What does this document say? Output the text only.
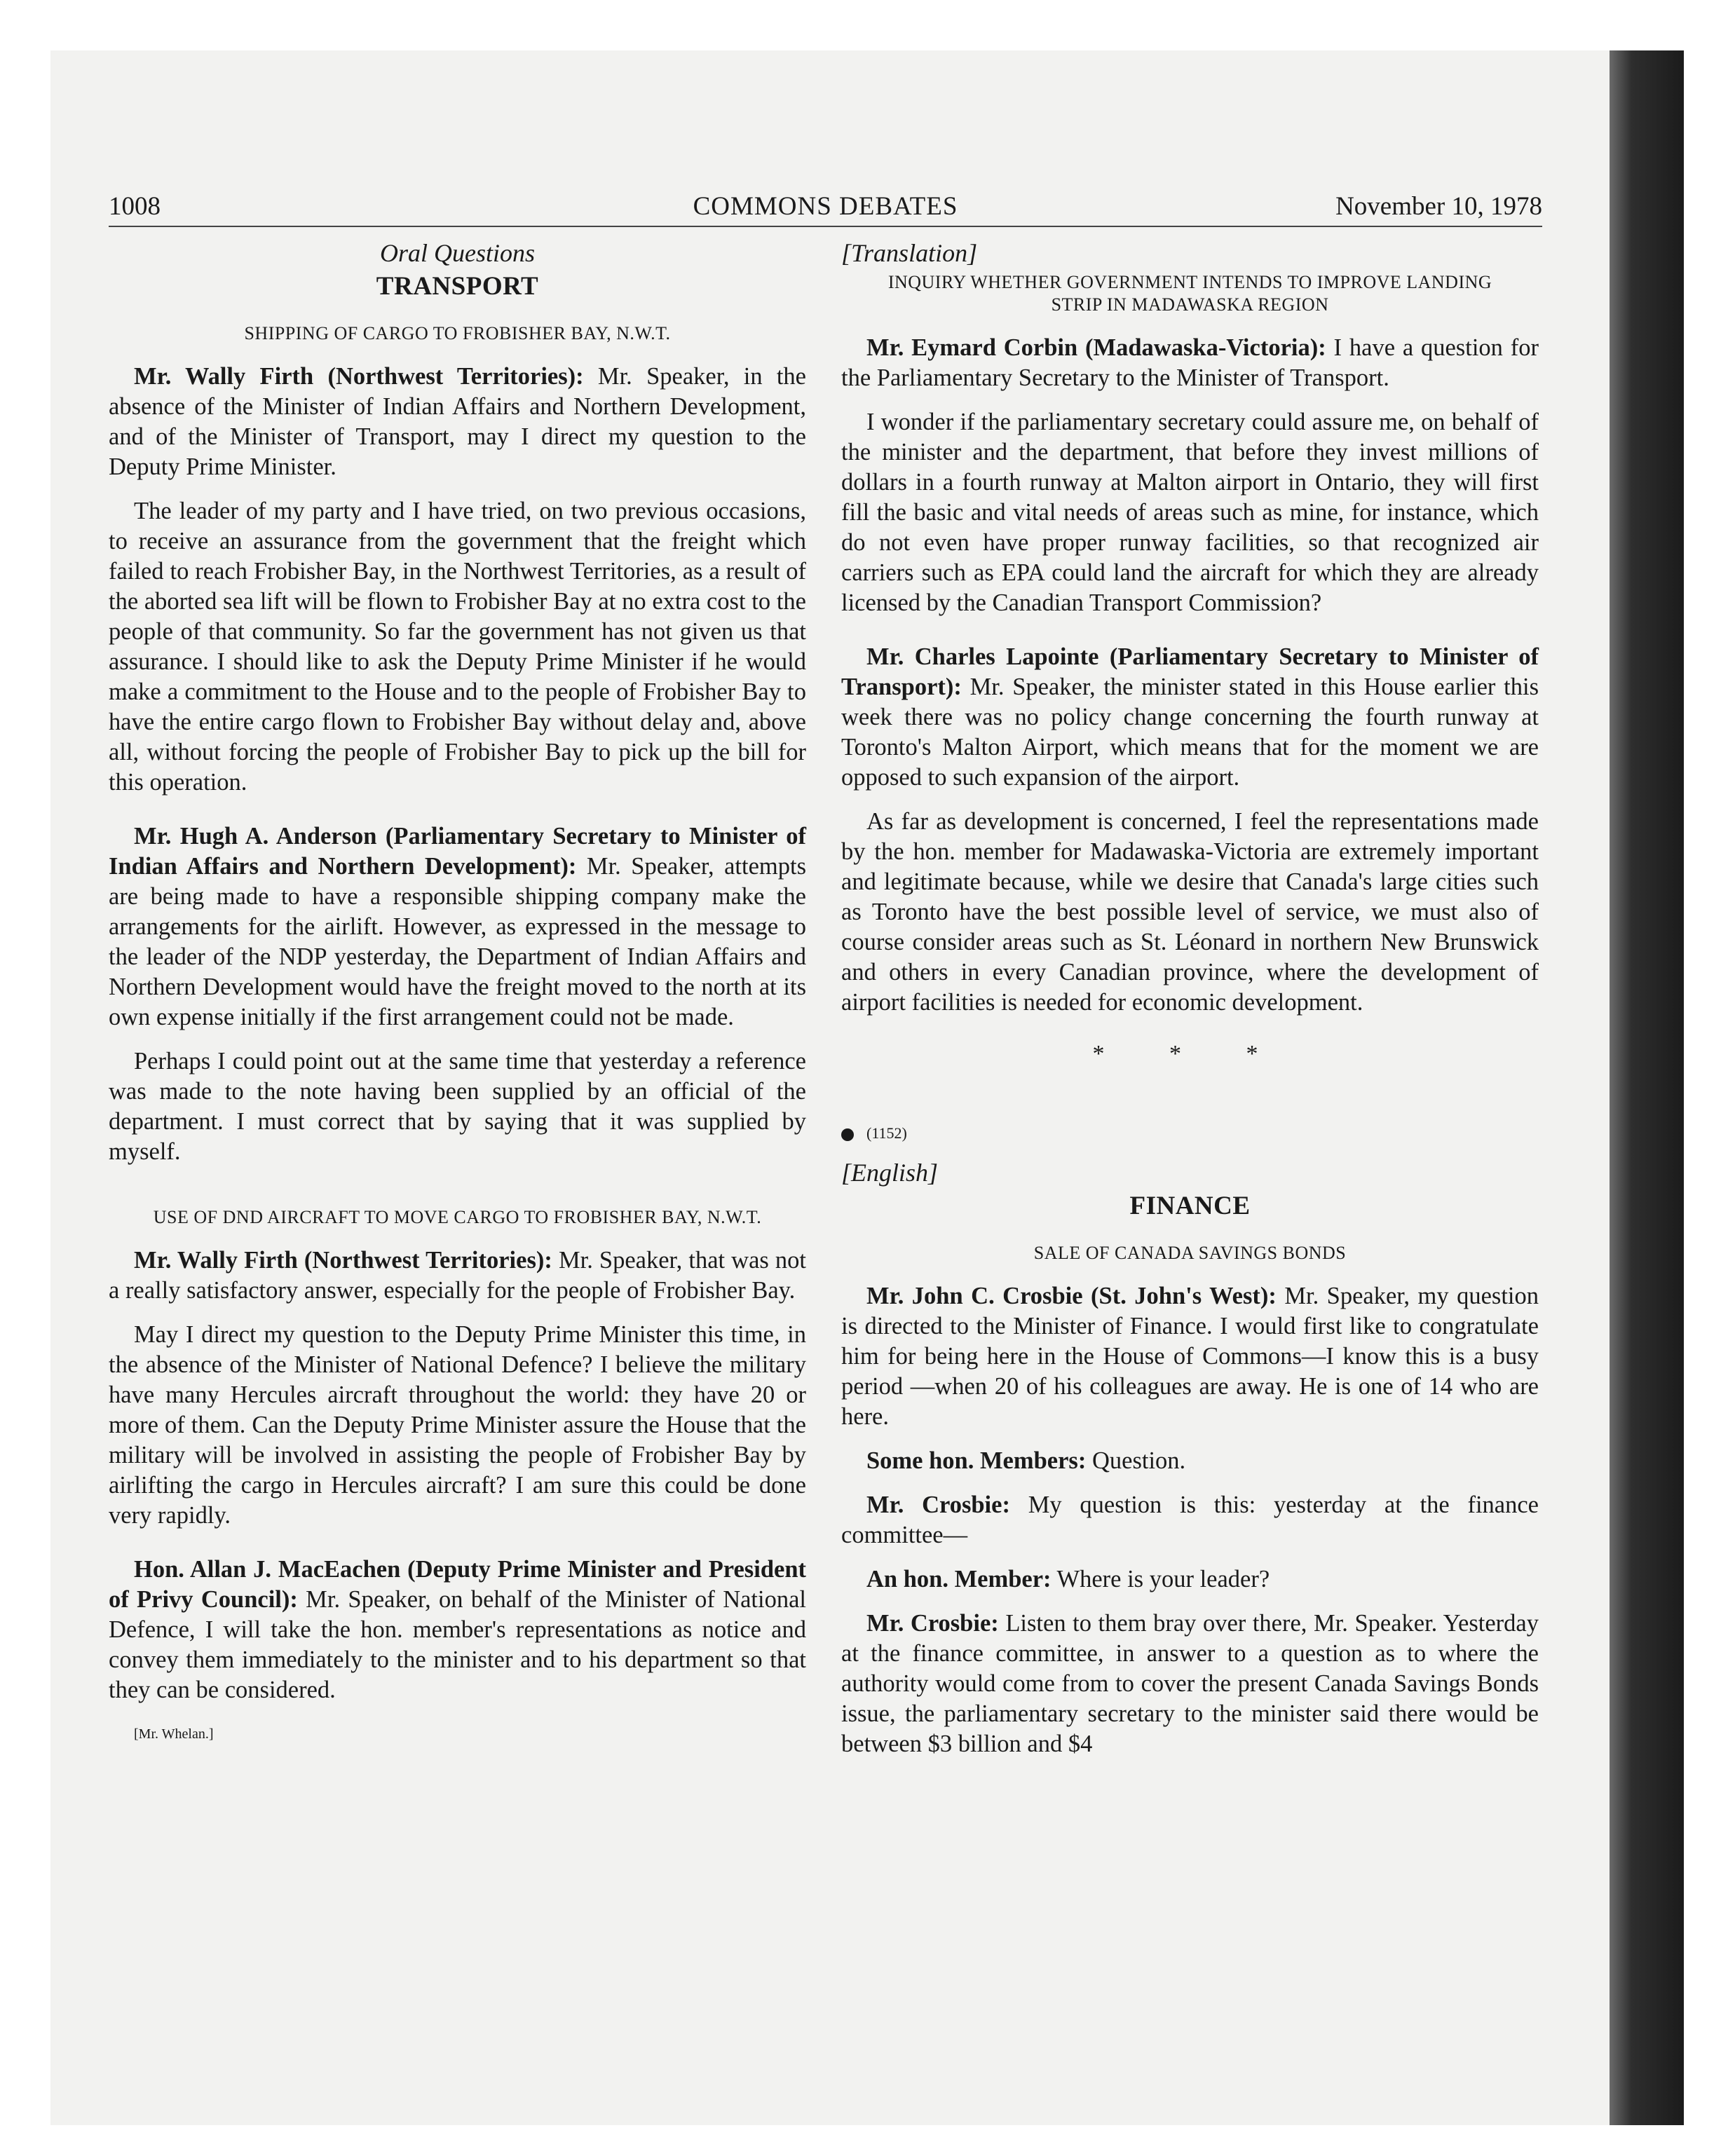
1008	COMMONS DEBATES	November 10, 1978
Oral Questions
TRANSPORT
SHIPPING OF CARGO TO FROBISHER BAY, N.W.T.

Mr. Wally Firth (Northwest Territories): Mr. Speaker, in the absence of the Minister of Indian Affairs and Northern Development, and of the Minister of Transport, may I direct my question to the Deputy Prime Minister.

The leader of my party and I have tried, on two previous occasions, to receive an assurance from the government that the freight which failed to reach Frobisher Bay, in the Northwest Territories, as a result of the aborted sea lift will be flown to Frobisher Bay at no extra cost to the people of that community. So far the government has not given us that assurance. I should like to ask the Deputy Prime Minister if he would make a commitment to the House and to the people of Frobisher Bay to have the entire cargo flown to Frobisher Bay without delay and, above all, without forcing the people of Frobisher Bay to pick up the bill for this operation.

Mr. Hugh A. Anderson (Parliamentary Secretary to Minister of Indian Affairs and Northern Development): Mr. Speaker, attempts are being made to have a responsible shipping company make the arrangements for the airlift. However, as expressed in the message to the leader of the NDP yesterday, the Department of Indian Affairs and Northern Development would have the freight moved to the north at its own expense initially if the first arrangement could not be made.

Perhaps I could point out at the same time that yesterday a reference was made to the note having been supplied by an official of the department. I must correct that by saying that it was supplied by myself.

USE OF DND AIRCRAFT TO MOVE CARGO TO FROBISHER BAY, N.W.T.

Mr. Wally Firth (Northwest Territories): Mr. Speaker, that was not a really satisfactory answer, especially for the people of Frobisher Bay.

May I direct my question to the Deputy Prime Minister this time, in the absence of the Minister of National Defence? I believe the military have many Hercules aircraft throughout the world: they have 20 or more of them. Can the Deputy Prime Minister assure the House that the military will be involved in assisting the people of Frobisher Bay by airlifting the cargo in Hercules aircraft? I am sure this could be done very rapidly.

Hon. Allan J. MacEachen (Deputy Prime Minister and President of Privy Council): Mr. Speaker, on behalf of the Minister of National Defence, I will take the hon. member's representations as notice and convey them immediately to the minister and to his department so that they can be considered.

[Mr. Whelan.]

[Translation]
INQUIRY WHETHER GOVERNMENT INTENDS TO IMPROVE LANDING STRIP IN MADAWASKA REGION

Mr. Eymard Corbin (Madawaska-Victoria): I have a question for the Parliamentary Secretary to the Minister of Transport.

I wonder if the parliamentary secretary could assure me, on behalf of the minister and the department, that before they invest millions of dollars in a fourth runway at Malton airport in Ontario, they will first fill the basic and vital needs of areas such as mine, for instance, which do not even have proper runway facilities, so that recognized air carriers such as EPA could land the aircraft for which they are already licensed by the Canadian Transport Commission?

Mr. Charles Lapointe (Parliamentary Secretary to Minister of Transport): Mr. Speaker, the minister stated in this House earlier this week there was no policy change concerning the fourth runway at Toronto's Malton Airport, which means that for the moment we are opposed to such expansion of the airport.

As far as development is concerned, I feel the representations made by the hon. member for Madawaska-Victoria are extremely important and legitimate because, while we desire that Canada's large cities such as Toronto have the best possible level of service, we must also of course consider areas such as St. Léonard in northern New Brunswick and others in every Canadian province, where the development of airport facilities is needed for economic development.

* * *
(1152)
[English]
FINANCE
SALE OF CANADA SAVINGS BONDS

Mr. John C. Crosbie (St. John's West): Mr. Speaker, my question is directed to the Minister of Finance. I would first like to congratulate him for being here in the House of Commons—I know this is a busy period —when 20 of his colleagues are away. He is one of 14 who are here.

Some hon. Members: Question.

Mr. Crosbie: My question is this: yesterday at the finance committee—

An hon. Member: Where is your leader?

Mr. Crosbie: Listen to them bray over there, Mr. Speaker. Yesterday at the finance committee, in answer to a question as to where the authority would come from to cover the present Canada Savings Bonds issue, the parliamentary secretary to the minister said there would be between $3 billion and $4
